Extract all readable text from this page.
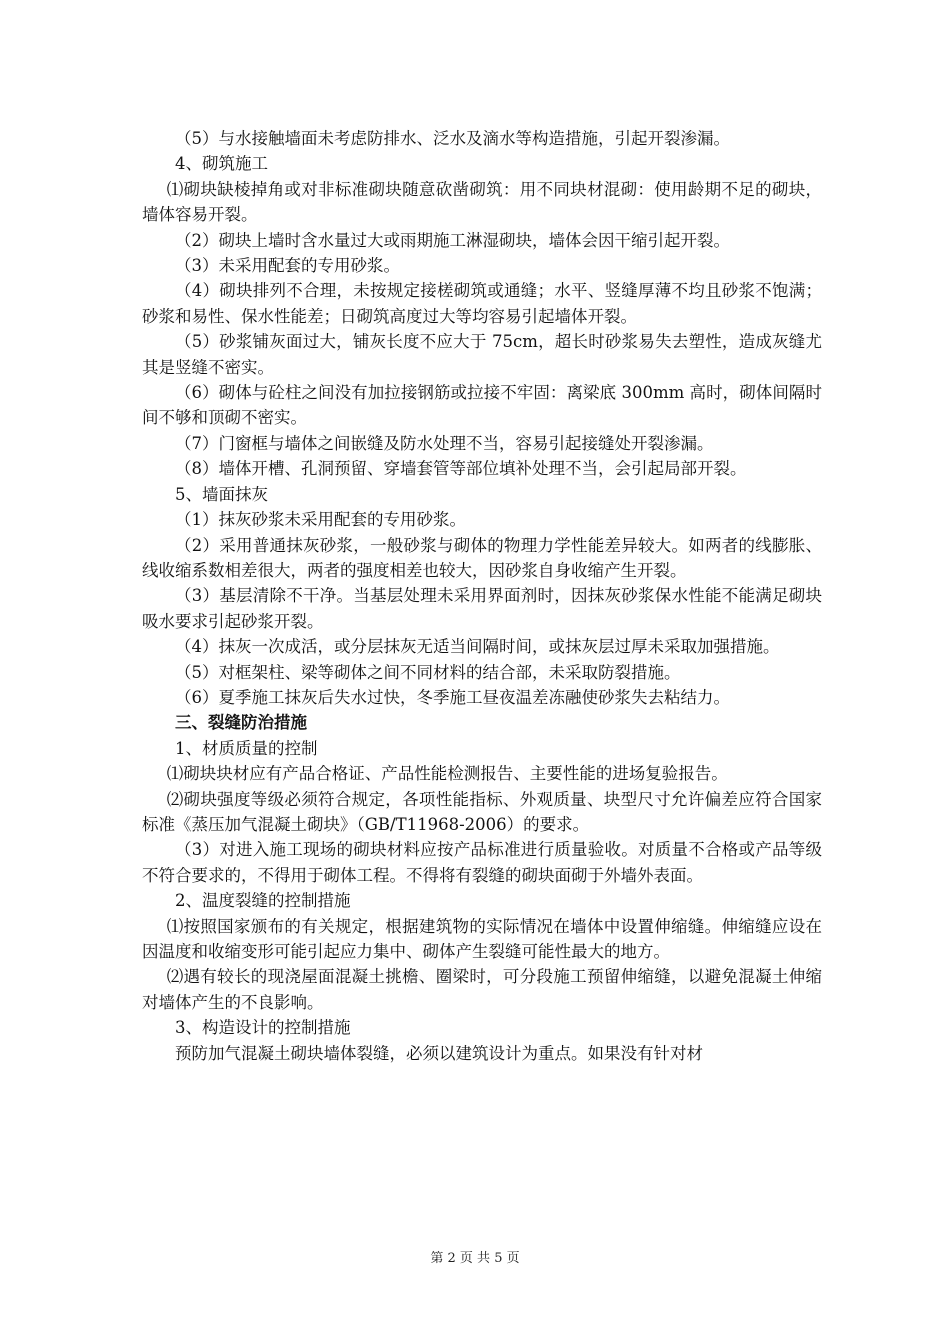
（5）与水接触墙面未考虑防排水、泛水及滴水等构造措施，引起开裂渗漏。

4、砌筑施工

⑴砌块缺棱掉角或对非标准砌块随意砍凿砌筑：用不同块材混砌：使用龄期不足的砌块，墙体容易开裂。

（2）砌块上墙时含水量过大或雨期施工淋湿砌块，墙体会因干缩引起开裂。

（3）未采用配套的专用砂浆。

（4）砌块排列不合理，未按规定接槎砌筑或通缝；水平、竖缝厚薄不均且砂浆不饱满；砂浆和易性、保水性能差；日砌筑高度过大等均容易引起墙体开裂。

（5）砂浆铺灰面过大，铺灰长度不应大于 75cm，超长时砂浆易失去塑性，造成灰缝尤其是竖缝不密实。

（6）砌体与砼柱之间没有加拉接钢筋或拉接不牢固：离梁底 300mm 高时，砌体间隔时间不够和顶砌不密实。

（7）门窗框与墙体之间嵌缝及防水处理不当，容易引起接缝处开裂渗漏。

（8）墙体开槽、孔洞预留、穿墙套管等部位填补处理不当，会引起局部开裂。

5、墙面抹灰

（1）抹灰砂浆未采用配套的专用砂浆。

（2）采用普通抹灰砂浆，一般砂浆与砌体的物理力学性能差异较大。如两者的线膨胀、线收缩系数相差很大，两者的强度相差也较大，因砂浆自身收缩产生开裂。

（3）基层清除不干净。当基层处理未采用界面剂时，因抹灰砂浆保水性能不能满足砌块吸水要求引起砂浆开裂。

（4）抹灰一次成活，或分层抹灰无适当间隔时间，或抹灰层过厚未采取加强措施。

（5）对框架柱、梁等砌体之间不同材料的结合部，未采取防裂措施。

（6）夏季施工抹灰后失水过快，冬季施工昼夜温差冻融使砂浆失去粘结力。

三、裂缝防治措施

1、材质质量的控制

⑴砌块块材应有产品合格证、产品性能检测报告、主要性能的进场复验报告。

⑵砌块强度等级必须符合规定，各项性能指标、外观质量、块型尺寸允许偏差应符合国家标准《蒸压加气混凝土砌块》（GB/T11968-2006）的要求。

（3）对进入施工现场的砌块材料应按产品标准进行质量验收。对质量不合格或产品等级不符合要求的，不得用于砌体工程。不得将有裂缝的砌块面砌于外墙外表面。

2、温度裂缝的控制措施

⑴按照国家颁布的有关规定，根据建筑物的实际情况在墙体中设置伸缩缝。伸缩缝应设在因温度和收缩变形可能引起应力集中、砌体产生裂缝可能性最大的地方。

⑵遇有较长的现浇屋面混凝土挑檐、圈梁时，可分段施工预留伸缩缝，以避免混凝土伸缩对墙体产生的不良影响。

3、构造设计的控制措施

预防加气混凝土砌块墙体裂缝，必须以建筑设计为重点。如果没有针对材

第 2 页 共 5 页
